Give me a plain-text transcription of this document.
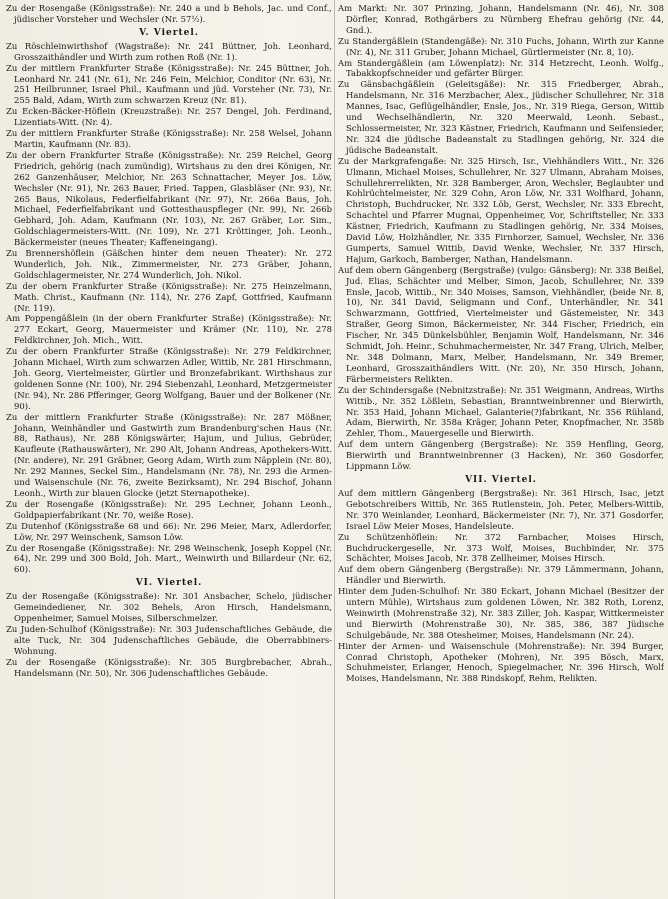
Zu der Rosengaße (Königsstraße): Nr. 240 a und b Behols, Jac. und Conf., jüdischer Vorsteher und Wechsler (Nr. 57½).
V. Viertel.
Zu Röschleinwirthshof (Wagstraße): Nr. 241 Büttner, Joh. Leonhard, Grosszaithändler und Wirth zum rothen Roß (Nr. 1).
Zu der mittlern Frankfurter Straße (Königsstraße): Nr. 245 Büttner, Joh. Leonhard Nr. 241 (Nr. 61), Nr. 246 Fein, Melchior, Conditor (Nr. 63), Nr. 251 Heilbrunner, Israel Phil., Kaufmann und jüd. Vorsteher (Nr. 73), Nr. 255 Bald, Adam, Wirth zum schwarzen Kreuz (Nr. 81).
Zu Ecken-Bäcker-Höflein (Kreuzstraße): Nr. 257 Dengel, Joh. Ferdinand, Lizentiats-Witt. (Nr. 4).
Zu der mittlern Frankfurter Straße (Königsstraße): Nr. 258 Welsel, Johann Martin, Kaufmann (Nr. 83).
Zu der obern Frankfurter Straße (Königsstraße): Nr. 259 Reichel, Georg Friedrich, gehörig (nach zumündig), Wirtshaus zu den drei Königen, Nr. 262 Ganzenhäuser, Melchior, Nr. 263 Schnattacher, Meyer Jos. Löw, Wechsler (Nr. 91), Nr. 263 Bauer, Fried. Tappen, Glasbläser (Nr. 93), Nr. 265 Baus, Nikolaus, Federfielfabrikant (Nr. 97), Nr. 266a Baus, Joh. Michael, Federfielfabrikant und Gottesthauspfleger (Nr. 99), Nr. 266b Gebhard, Joh. Adam, Kaufmann (Nr. 103), Nr. 267 Gräber, Lor. Sim., Goldschlagermeisters-Witt. (Nr. 109), Nr. 271 Kröttinger, Joh. Leonh., Bäckermeister (neues Theater; Kaffeneingang).
Zu Brennershöflein (Gäßchen hinter dem neuen Theater): Nr. 272 Wunderlich, Joh. Nik., Zimmermeister, Nr. 273 Gräber, Johann, Goldschlagermeister, Nr. 274 Wunderlich, Joh. Nikol.
Zu der obern Frankfurter Straße (Königsstraße): Nr. 275 Heinzelmann, Math. Christ., Kaufmann (Nr. 114), Nr. 276 Zapf, Gottfried, Kaufmann (Nr. 119).
Am Poppengäßlein (in der obern Frankfurter Straße) (Königsstraße): Nr. 277 Eckart, Georg, Mauermeister und Krämer (Nr. 110), Nr. 278 Feldkirchner, Joh. Mich., Witt.
Zu der obern Frankfurter Straße (Königsstraße): Nr. 279 Feldkirchner, Johann Michael, Wirth zum schwarzen Adler, Wittib, Nr. 281 Hirschmann, Joh. Georg, Viertelmeister, Gürtler und Bronzefabrikant. Wirthshaus zur goldenen Sonne (Nr. 100), Nr. 294 Siebenzahl, Leonhard, Metzgermeister (Nr. 94), Nr. 286 Pfferinger, Georg Wolfgang, Bauer und der Bolkener (Nr. 90).
Zu der mittlern Frankfurter Straße (Königsstraße): Nr. 287 Mößner, Johann, Weinhändler und Gastwirth zum Brandenburg'schen Haus (Nr. 88, Rathaus), Nr. 288 Königswärter, Hajum, und Julius, Gebrüder, Kaufleute (Rathauswärter), Nr. 290 Alt, Johann Andreas, Apothekers-Witt. (Nr. andere), Nr. 291 Gräbner, Georg Adam, Wirth zum Näpplein (Nr. 80), Nr. 292 Mannes, Seckel Sim., Handelsmann (Nr. 78), Nr. 293 die Armen- und Waisenschule (Nr. 76, zweite Bezirksamt), Nr. 294 Bischof, Johann Leonh., Wirth zur blauen Glocke (jetzt Sternapotheke).
Zu der Rosengaße (Königsstraße): Nr. 295 Lechner, Johann Leonh., Goldpapierfabrikant (Nr. 70, weiße Rose).
Zu Dutenhof (Königsstraße 68 und 66): Nr. 296 Meier, Marx, Adlerdorfer, Löw, Nr. 297 Weinschenk, Samson Löw.
Zu der Rosengaße (Königsstraße): Nr. 298 Weinschenk, Joseph Koppel (Nr. 64), Nr. 299 und 300 Bold, Joh. Mart., Weinwirth und Billardeur (Nr. 62, 60).
VI. Viertel.
Zu der Rosengaße (Königsstraße): Nr. 301 Ansbacher, Schelo, jüdischer Gemeindediener, Nr. 302 Behels, Aron Hirsch, Handelsmann, Oppenheimer, Samuel Moises, Silberschmelzer.
Zu Juden-Schulhof (Königsstraße): Nr. 303 Judenschaftliches Gebäude, die alte Tuck, Nr. 304 Judenschaftliches Gebäude, die Oberrabbiners-Wohnung.
Zu der Rosengaße (Königsstraße): Nr. 305 Burgbrebacher, Abrah., Handelsmann (Nr. 50), Nr. 306 Judenschaftliches Gebäude.
Am Markt: Nr. 307 Prinzing, Johann, Handelsmann (Nr. 46), Nr. 308 Dörfler, Konrad, Rothgärbers zu Nürnberg Ehefrau gehörig (Nr. 44, Gnd.).
Zu Standergäßlein (Standengäße): Nr. 310 Fuchs, Johann, Wirth zur Kanne (Nr. 4), Nr. 311 Gruber, Johann Michael, Gürtlermeister (Nr. 8, 10).
Am Standergäßlein (am Löwenplatz): Nr. 314 Hetzrecht, Leonh. Wolfg., Tabakkopfschneider und gefärter Bürger.
Zu Gänsbachgäßlein (Geleitsgäße): Nr. 315 Friedberger, Abrah., Handelsmann, Nr. 316 Merzbacher, Alex., jüdischer Schullehrer, Nr. 318 Mannes, Isac, Geflügelhändler, Ensle, Jos., Nr. 319 Riega, Gerson, Wittib und Wechselhändlerin, Nr. 320 Meerwald, Leonh. Sebast., Schlossermeister, Nr. 323 Kästner, Friedrich, Kaufmann und Seifensieder, Nr. 324 die jüdische Badeanstalt zu Stadlingen gehörig, Nr. 324 die jüdische Badeanstalt.
Zu der Markgrafengaße: Nr. 325 Hirsch, Isr., Viehhändlers Witt., Nr. 326 Ulmann, Michael Moises, Schullehrer, Nr. 327 Ulmann, Abraham Moises, Schullehrerrelikten, Nr. 328 Bamberger, Aron, Wechsler, Beglaubter und Kohlrüchtelmeister, Nr. 329 Cohn, Aron Löw, Nr. 331 Wolfhard, Johann, Christoph, Buchdrucker, Nr. 332 Löb, Gerst, Wechsler, Nr. 333 Ebrecht, Schachtel und Pfarrer Mugnai, Oppenheimer, Vor, Schriftsteller, Nr. 333 Kästner, Friedrich, Kaufmann zu Stadlingen gehörig, Nr. 334 Moises, David Löw, Holzhändler, Nr. 335 Firnhorzer, Samuel, Wechsler, Nr. 336 Gumperts, Samuel Wittib, David Wenke, Wechsler, Nr. 337 Hirsch, Hajum, Garkoch, Bamberger, Nathan, Handelsmann.
Auf dem obern Gängenberg (Bergstraße) (vulgo: Gänsberg): Nr. 338 Beißel, Jud. Elias, Schächter und Melber, Simon, Jacob, Schullehrer, Nr. 339 Ensle, Jacob, Wittib., Nr. 340 Moises, Samson, Viehhändler, (beide Nr. 8, 10), Nr. 341 David, Seligmann und Conf., Unterhändler, Nr. 341 Schwarzmann, Gottfried, Viertelmeister und Gästemeister, Nr. 343 Straßer, Georg Simon, Bäckermeister, Nr. 344 Fischer, Friedrich, ein Fischer, Nr. 345 Dünkelsbühler, Benjamin Wolf, Handelsmann, Nr. 346 Schmidt, Joh. Heinr., Schuhmachermeister, Nr. 347 Frang, Ulrich, Melber, Nr. 348 Dolmann, Marx, Melber, Handelsmann, Nr. 349 Bremer, Leonhard, Grosszaithändlers Witt. (Nr. 20), Nr. 350 Hirsch, Johann, Färbermeisters Relikten.
Zu der Schindersgaße (Nebnitzstraße): Nr. 351 Weigmann, Andreas, Wirths Wittib., Nr. 352 Lößlein, Sebastian, Branntweinbrenner und Bierwirth, Nr. 353 Haid, Johann Michael, Galanterie(?)fabrikant, Nr. 356 Rühland, Adam, Bierwirth, Nr. 358a Kräger, Johann Peter, Knopfmacher, Nr. 358b Zehler, Thom., Mauergeselle und Bierwirth.
Auf dem untern Gängenberg (Bergstraße): Nr. 359 Henfling, Georg, Bierwirth und Branntweinbrenner (3 Hacken), Nr. 360 Gosdorfer, Lippmann Löw.
VII. Viertel.
Auf dem mittlern Gängenberg (Bergstraße): Nr. 361 Hirsch, Isac, jetzt Gebotschreibers Wittib, Nr. 365 Rutlenstein, Joh. Peter, Melbers-Wittib, Nr. 370 Weinlander, Leonhard, Bäckermeister (Nr. 7), Nr. 371 Gosdorfer, Israel Löw Meier Moses, Handelsleute.
Zu Schützenhöflein: Nr. 372 Farnbacher, Moises Hirsch, Buchdruckergeselle, Nr. 373 Wolf, Moises, Buchbinder, Nr. 375 Schächter, Moises Jacob, Nr. 378 Zellheimer, Moises Hirsch.
Auf dem obern Gängenberg (Bergstraße): Nr. 379 Lämmermann, Johann, Händler und Bierwirth.
Hinter dem Juden-Schulhof: Nr. 380 Eckart, Johann Michael (Besitzer der untern Mühle), Wirtshaus zum goldenen Löwen, Nr. 382 Roth, Lorenz, Weinwirth (Mohrenstraße 32), Nr. 383 Ziller, Joh. Kaspar, Wittkermeister und Bierwirth (Mohrenstraße 30), Nr. 385, 386, 387 Jüdische Schulgebäude, Nr. 388 Otesheimer, Moises, Handelsmann (Nr. 24).
Hinter der Armen- und Waisenschule (Mohrenstraße): Nr. 394 Burger, Conrad Christoph, Apotheker (Mohren), Nr. 395 Bösch, Marx, Schuhmeister, Erlanger, Henoch, Spiegelmacher, Nr. 396 Hirsch, Wolf Moises, Handelsmann, Nr. 388 Rindskopf, Rehm, Relikten.
